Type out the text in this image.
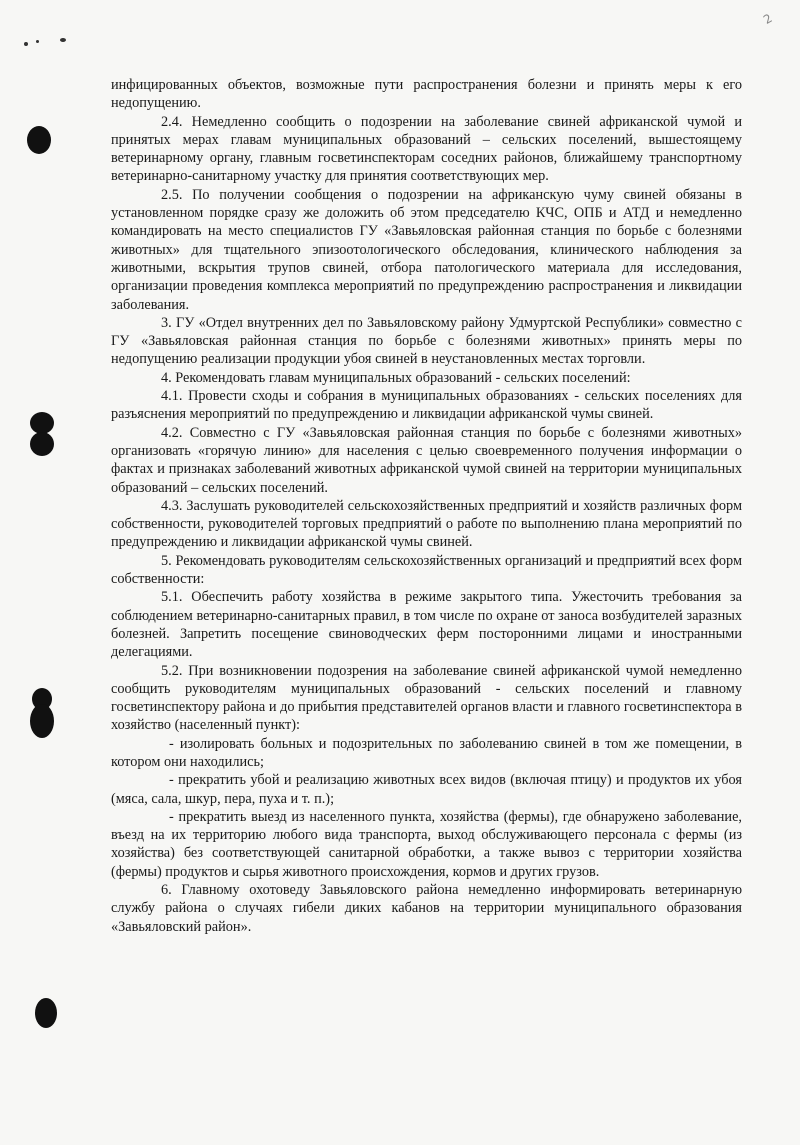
2

инфицированных объектов, возможные пути распространения болезни и принять меры к его недопущению.

2.4. Немедленно сообщить о подозрении на заболевание свиней африканской чумой и принятых мерах главам муниципальных образований – сельских поселений, вышестоящему ветеринарному органу, главным госветинспекторам соседних районов, ближайшему транспортному ветеринарно-санитарному участку для принятия соответствующих мер.

2.5. По получении сообщения о подозрении на африканскую чуму свиней обязаны в установленном порядке сразу же доложить об этом председателю КЧС, ОПБ и АТД и немедленно командировать на место специалистов ГУ «Завьяловская районная станция по борьбе с болезнями животных» для тщательного эпизоотологического обследования, клинического наблюдения за животными, вскрытия трупов свиней, отбора патологического материала для исследования, организации проведения комплекса мероприятий по предупреждению распространения и ликвидации заболевания.

3. ГУ «Отдел внутренних дел по Завьяловскому району Удмуртской Республики» совместно с ГУ «Завьяловская районная станция по борьбе с болезнями животных» принять меры по недопущению реализации продукции убоя свиней в неустановленных местах торговли.

4. Рекомендовать главам муниципальных образований - сельских поселений:

4.1. Провести сходы и собрания в муниципальных образованиях - сельских поселениях для разъяснения мероприятий по предупреждению и ликвидации африканской чумы свиней.

4.2. Совместно с ГУ «Завьяловская районная станция по борьбе с болезнями животных» организовать «горячую линию» для населения с целью своевременного получения информации о фактах и признаках заболеваний животных африканской чумой свиней на территории муниципальных образований – сельских поселений.

4.3. Заслушать руководителей сельскохозяйственных предприятий и хозяйств различных форм собственности, руководителей торговых предприятий о работе по выполнению плана мероприятий по предупреждению и ликвидации африканской чумы свиней.

5. Рекомендовать руководителям сельскохозяйственных организаций и предприятий всех форм собственности:

5.1. Обеспечить работу хозяйства в режиме закрытого типа. Ужесточить требования за соблюдением ветеринарно-санитарных правил, в том числе по охране от заноса возбудителей заразных болезней. Запретить посещение свиноводческих ферм посторонними лицами и иностранными делегациями.

5.2. При возникновении подозрения на заболевание свиней африканской чумой немедленно сообщить руководителям муниципальных образований - сельских поселений и главному госветинспектору района и до прибытия представителей органов власти и главного госветинспектора в хозяйство (населенный пункт):

- изолировать больных и подозрительных по заболеванию свиней в том же помещении, в котором они находились;

- прекратить убой и реализацию животных всех видов (включая птицу) и продуктов их убоя (мяса, сала, шкур, пера, пуха и т. п.);

- прекратить выезд из населенного пункта, хозяйства (фермы), где обнаружено заболевание, въезд на их территорию любого вида транспорта, выход обслуживающего персонала с фермы (из хозяйства) без соответствующей санитарной обработки, а также вывоз с территории хозяйства (фермы) продуктов и сырья животного происхождения, кормов и других грузов.

6. Главному охотоведу Завьяловского района немедленно информировать ветеринарную службу района о случаях гибели диких кабанов на территории муниципального образования «Завьяловский район».
